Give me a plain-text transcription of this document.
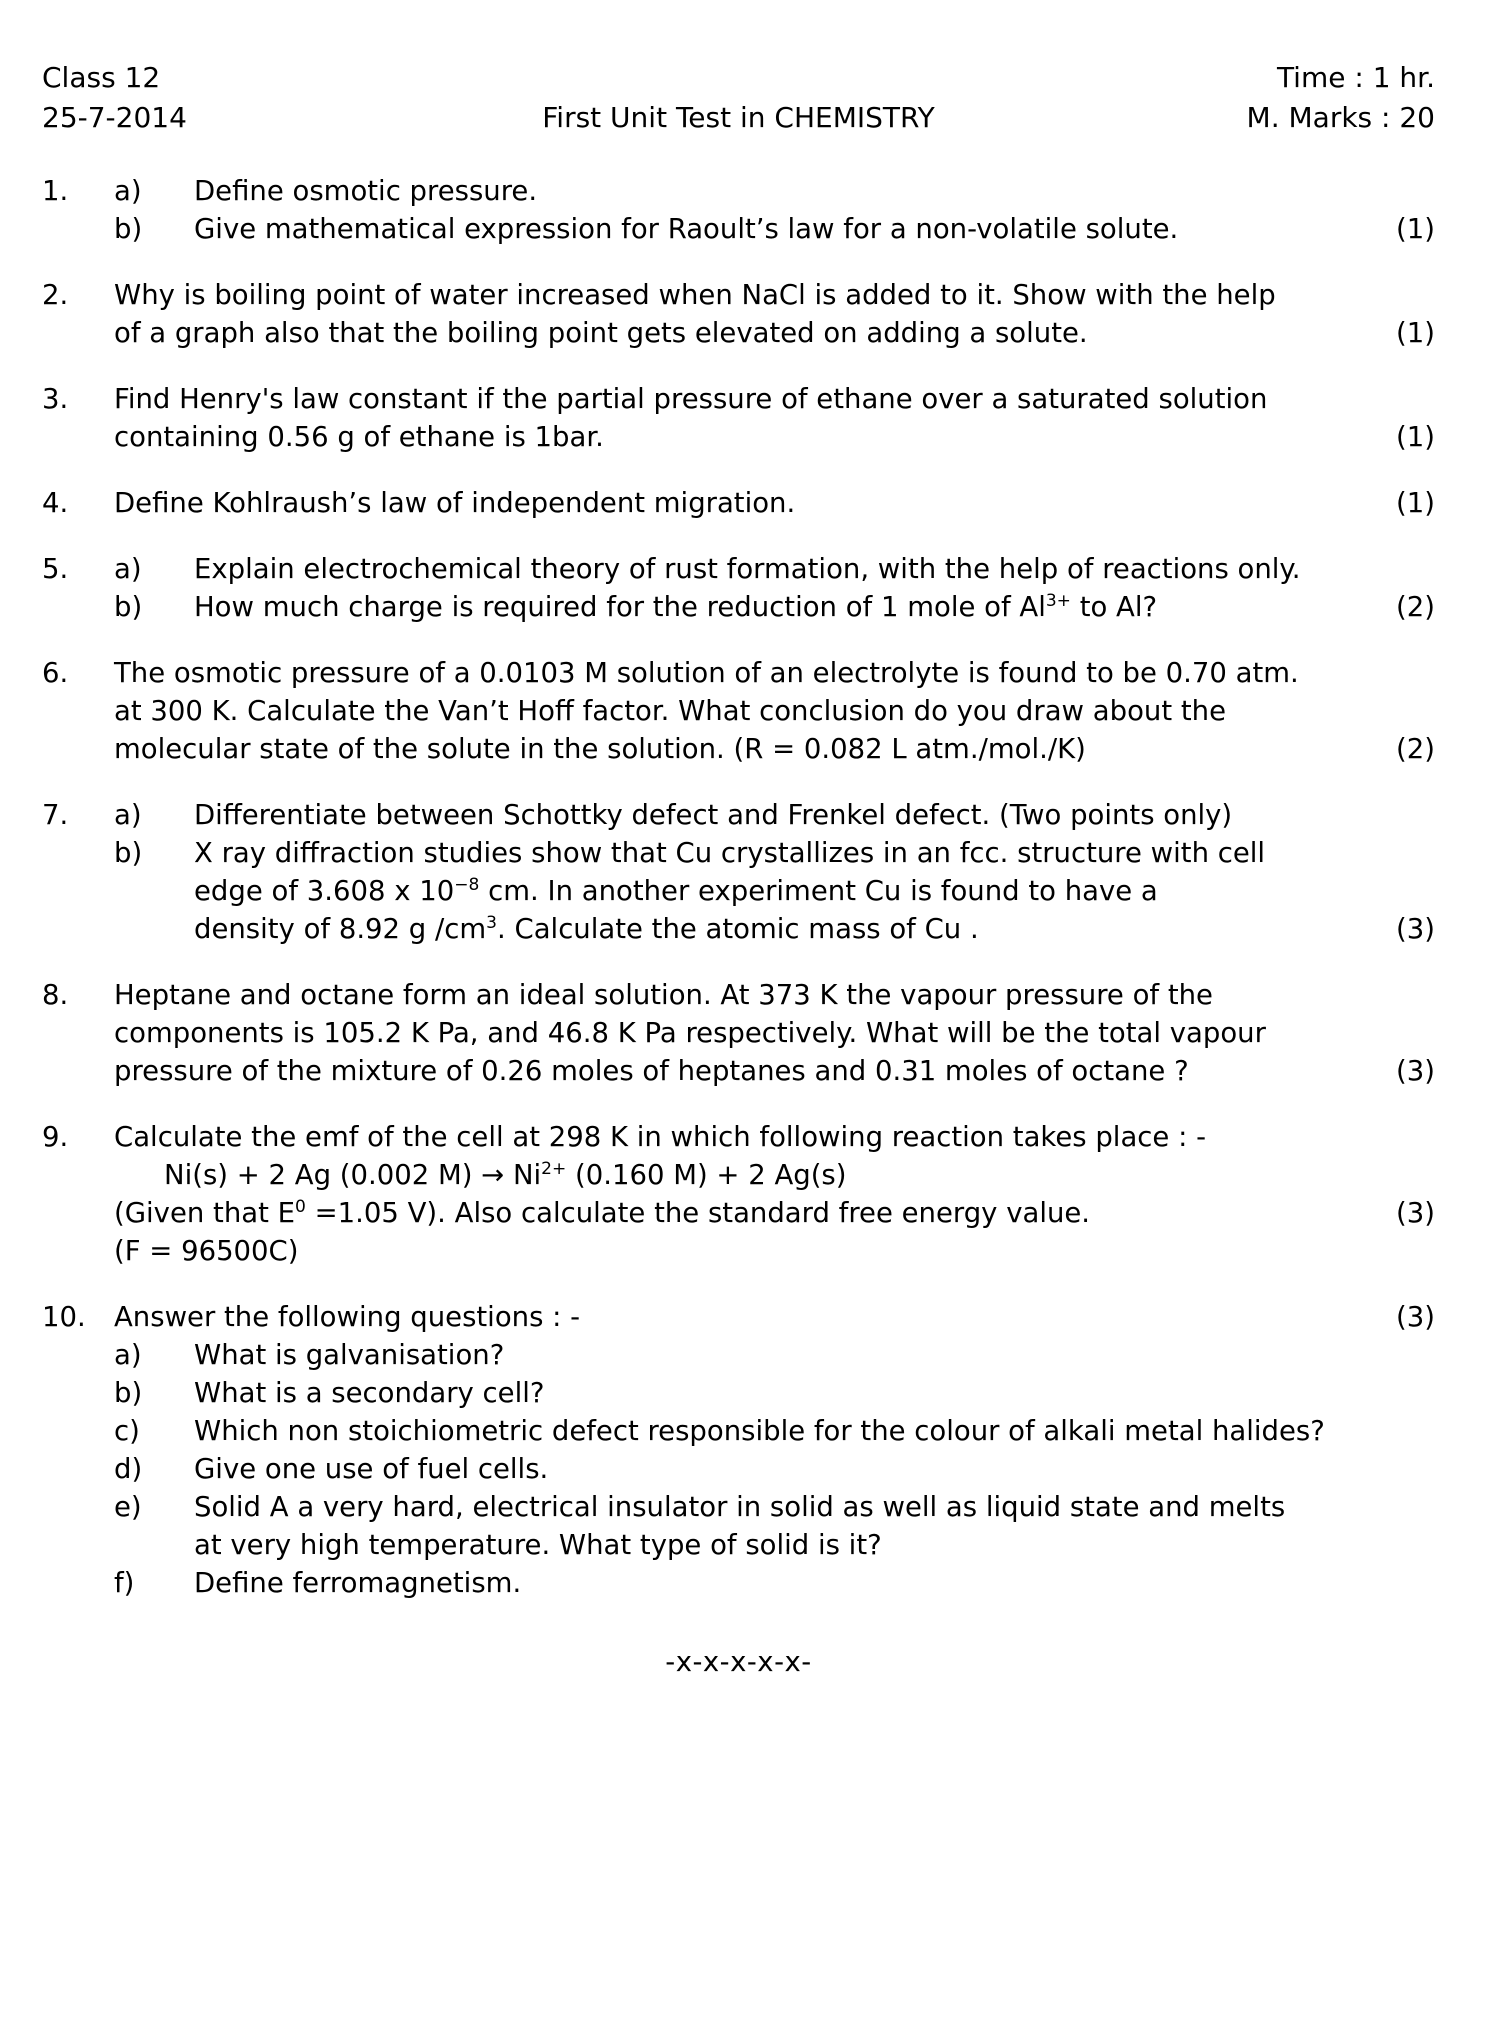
Class 12
25-7-2014
Time : 1 hr.
M. Marks : 20
First Unit Test in CHEMISTRY
1.	a)	Define osmotic pressure.
b)	Give mathematical expression for Raoult’s law for a non-volatile solute.	(1)
2.	Why is boiling point of water increased when NaCl is added to it. Show with the help
of a graph also that the boiling point gets elevated on adding a solute.	(1)
3.	Find Henry's law constant if the partial pressure of ethane over a saturated solution
containing 0.56 g of ethane is 1bar.	(1)
4.	Define Kohlraush’s law of independent migration.	(1)
5.	a)	Explain electrochemical theory of rust formation, with the help of reactions only.
b)	How much charge is required for the reduction of 1 mole of $Al^{3+}$ to Al?	(2)
6.	The osmotic pressure of a 0.0103 M solution of an electrolyte is found to be 0.70 atm.
at 300 K. Calculate the Van’t Hoff factor. What conclusion do you draw about the
molecular state of the solute in the solution. (R = 0.082 L atm./mol./K)	(2)
7.	a)	Differentiate between Schottky defect and Frenkel defect. (Two points only)
b)	X ray diffraction studies show that Cu crystallizes in an fcc. structure with cell
edge of 3.608 x $10^{-8}$ cm. In another experiment Cu is found to have a
density of 8.92 g $/cm^3$. Calculate the atomic mass of Cu .	(3)
8.	Heptane and octane form an ideal solution. At 373 K the vapour pressure of the
components is 105.2 K Pa, and 46.8 K Pa respectively. What will be the total vapour
pressure of the mixture of 0.26 moles of heptanes and 0.31 moles of octane ?	(3)
9.	Calculate the emf of the cell at 298 K in which following reaction takes place : -
Ni(s) + 2 Ag (0.002 $M) \to Ni^{2+}$ (0.160 M) + 2 Ag(s)
(Given that $E^0 =1.05$ V). Also calculate the standard free energy value.	(3)
(F = 96500C)
10.	Answer the following questions : -	(3)
a)	What is galvanisation?
b)	What is a secondary cell?
c)	Which non stoichiometric defect responsible for the colour of alkali metal halides?
d)	Give one use of fuel cells.
e)	Solid A a very hard, electrical insulator in solid as well as liquid state and melts
at very high temperature. What type of solid is it?
f)	Define ferromagnetism.
-x-x-x-x-x-
